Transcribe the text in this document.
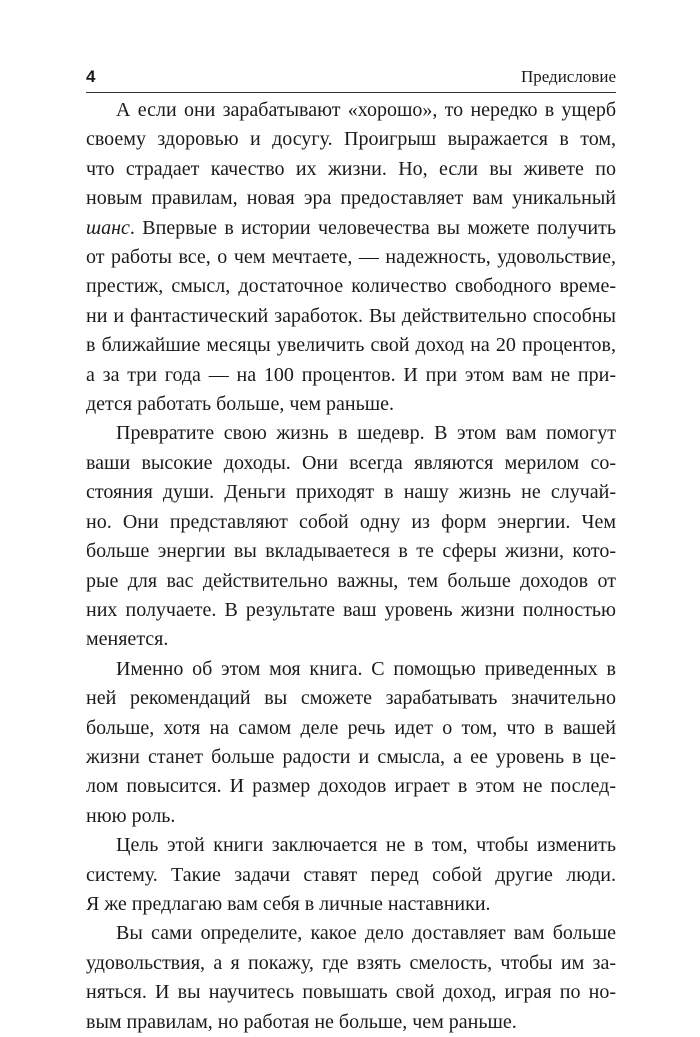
4	Предисловие
А если они зарабатывают «хорошо», то нередко в ущерб
своему здоровью и досугу. Проигрыш выражается в том,
что страдает качество их жизни. Но, если вы живете по
новым правилам, новая эра предоставляет вам уникальный
шанс. Впервые в истории человечества вы можете получить
от работы все, о чем мечтаете, — надежность, удовольствие,
престиж, смысл, достаточное количество свободного време-
ни и фантастический заработок. Вы действительно способны
в ближайшие месяцы увеличить свой доход на 20 процентов,
а за три года — на 100 процентов. И при этом вам не при-
дется работать больше, чем раньше.
Превратите свою жизнь в шедевр. В этом вам помогут
ваши высокие доходы. Они всегда являются мерилом со-
стояния души. Деньги приходят в нашу жизнь не случай-
но. Они представляют собой одну из форм энергии. Чем
больше энергии вы вкладываетеся в те сферы жизни, кото-
рые для вас действительно важны, тем больше доходов от
них получаете. В результате ваш уровень жизни полностью
меняется.
Именно об этом моя книга. С помощью приведенных в
ней рекомендаций вы сможете зарабатывать значительно
больше, хотя на самом деле речь идет о том, что в вашей
жизни станет больше радости и смысла, а ее уровень в це-
лом повысится. И размер доходов играет в этом не послед-
нюю роль.
Цель этой книги заключается не в том, чтобы изменить
систему. Такие задачи ставят перед собой другие люди.
Я же предлагаю вам себя в личные наставники.
Вы сами определите, какое дело доставляет вам больше
удовольствия, а я покажу, где взять смелость, чтобы им за-
няться. И вы научитесь повышать свой доход, играя по но-
вым правилам, но работая не больше, чем раньше.
